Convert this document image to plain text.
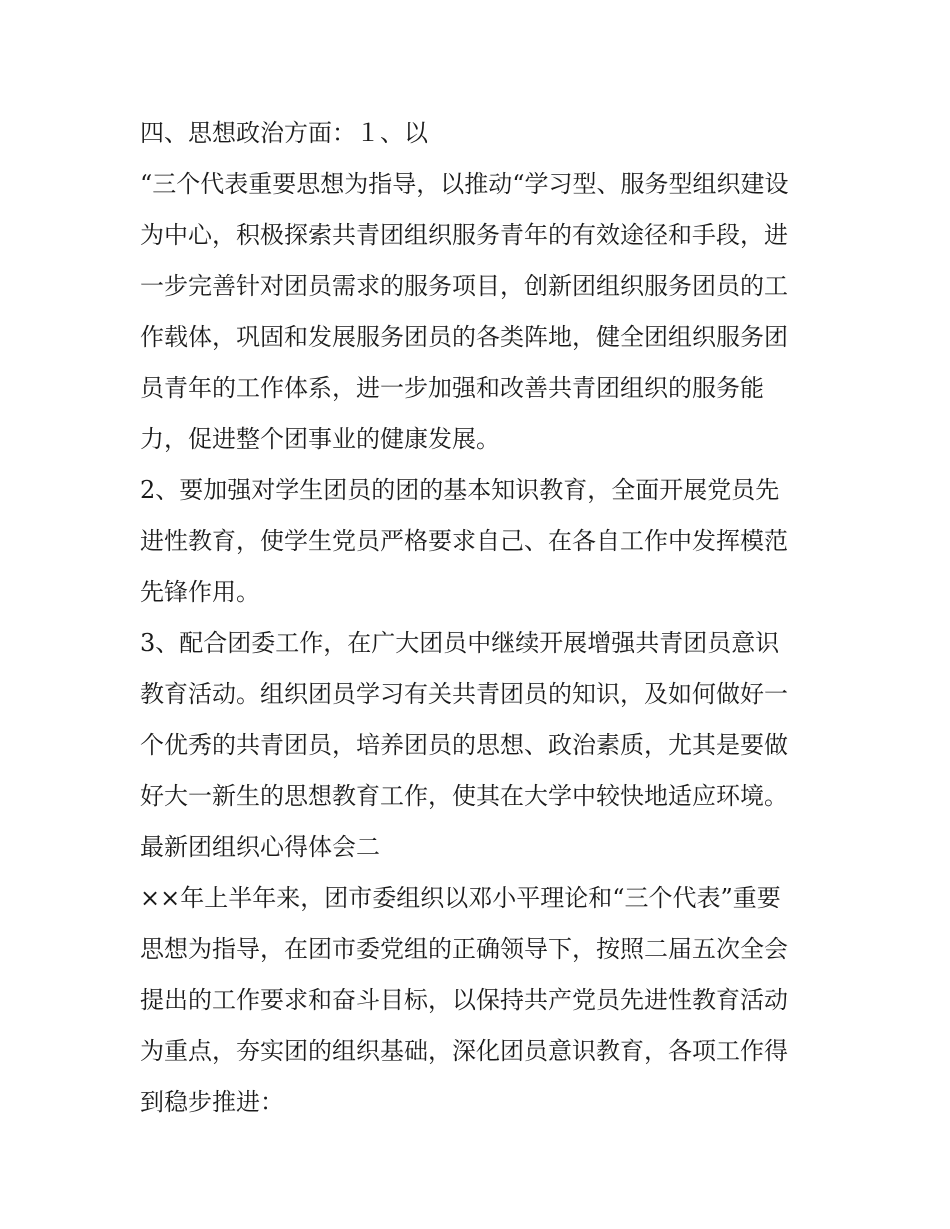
四、思想政治方面：１、以
“三个代表重要思想为指导，以推动“学习型、服务型组织建设
为中心，积极探索共青团组织服务青年的有效途径和手段，进
一步完善针对团员需求的服务项目，创新团组织服务团员的工
作载体，巩固和发展服务团员的各类阵地，健全团组织服务团
员青年的工作体系，进一步加强和改善共青团组织的服务能
力，促进整个团事业的健康发展。
2、要加强对学生团员的团的基本知识教育，全面开展党员先
进性教育，使学生党员严格要求自己、在各自工作中发挥模范
先锋作用。
3、配合团委工作，在广大团员中继续开展增强共青团员意识
教育活动。组织团员学习有关共青团员的知识，及如何做好一
个优秀的共青团员，培养团员的思想、政治素质，尤其是要做
好大一新生的思想教育工作，使其在大学中较快地适应环境。
最新团组织心得体会二
××年上半年来，团市委组织以邓小平理论和“三个代表”重要
思想为指导，在团市委党组的正确领导下，按照二届五次全会
提出的工作要求和奋斗目标，以保持共产党员先进性教育活动
为重点，夯实团的组织基础，深化团员意识教育，各项工作得
到稳步推进：
